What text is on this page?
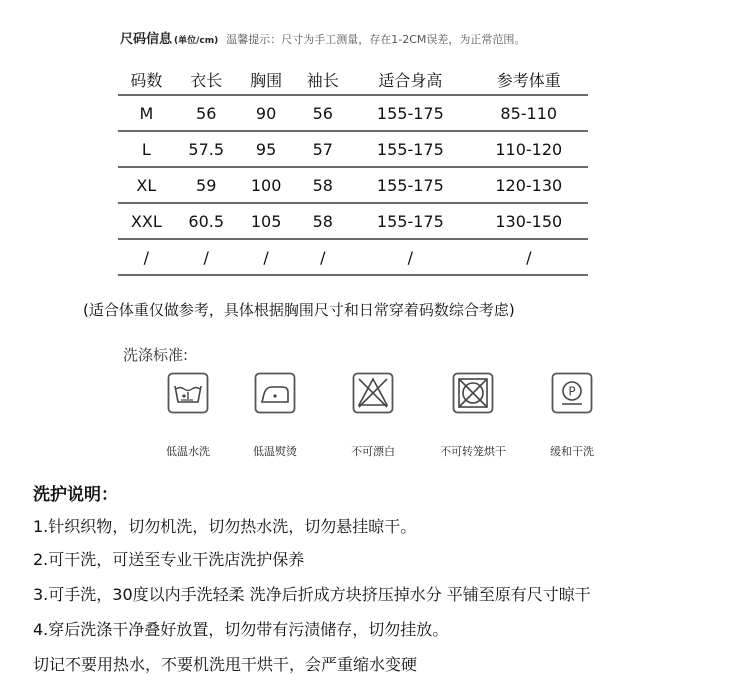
尺码信息 (单位/cm) 温馨提示：尺寸为手工测量，存在1-2CM误差，为正常范围。
码数	衣长	胸围	袖长	适合身高	参考体重
M	56	90	56	155-175	85-110
L	57.5	95	57	155-175	110-120
XL	59	100	58	155-175	120-130
XXL	60.5	105	58	155-175	130-150
/	/	/	/	/	/
(适合体重仅做参考，具体根据胸围尺寸和日常穿着码数综合考虑)
洗涤标准:
P
低温水洗	低温熨烫	不可漂白	不可转笼烘干	缓和干洗
洗护说明：
1.针织织物，切勿机洗，切勿热水洗，切勿悬挂晾干。
2.可干洗，可送至专业干洗店洗护保养
3.可手洗，30度以内手洗轻柔 洗净后折成方块挤压掉水分 平铺至原有尺寸晾干
4.穿后洗涤干净叠好放置，切勿带有污渍储存，切勿挂放。
切记不要用热水，不要机洗甩干烘干，会严重缩水变硬
